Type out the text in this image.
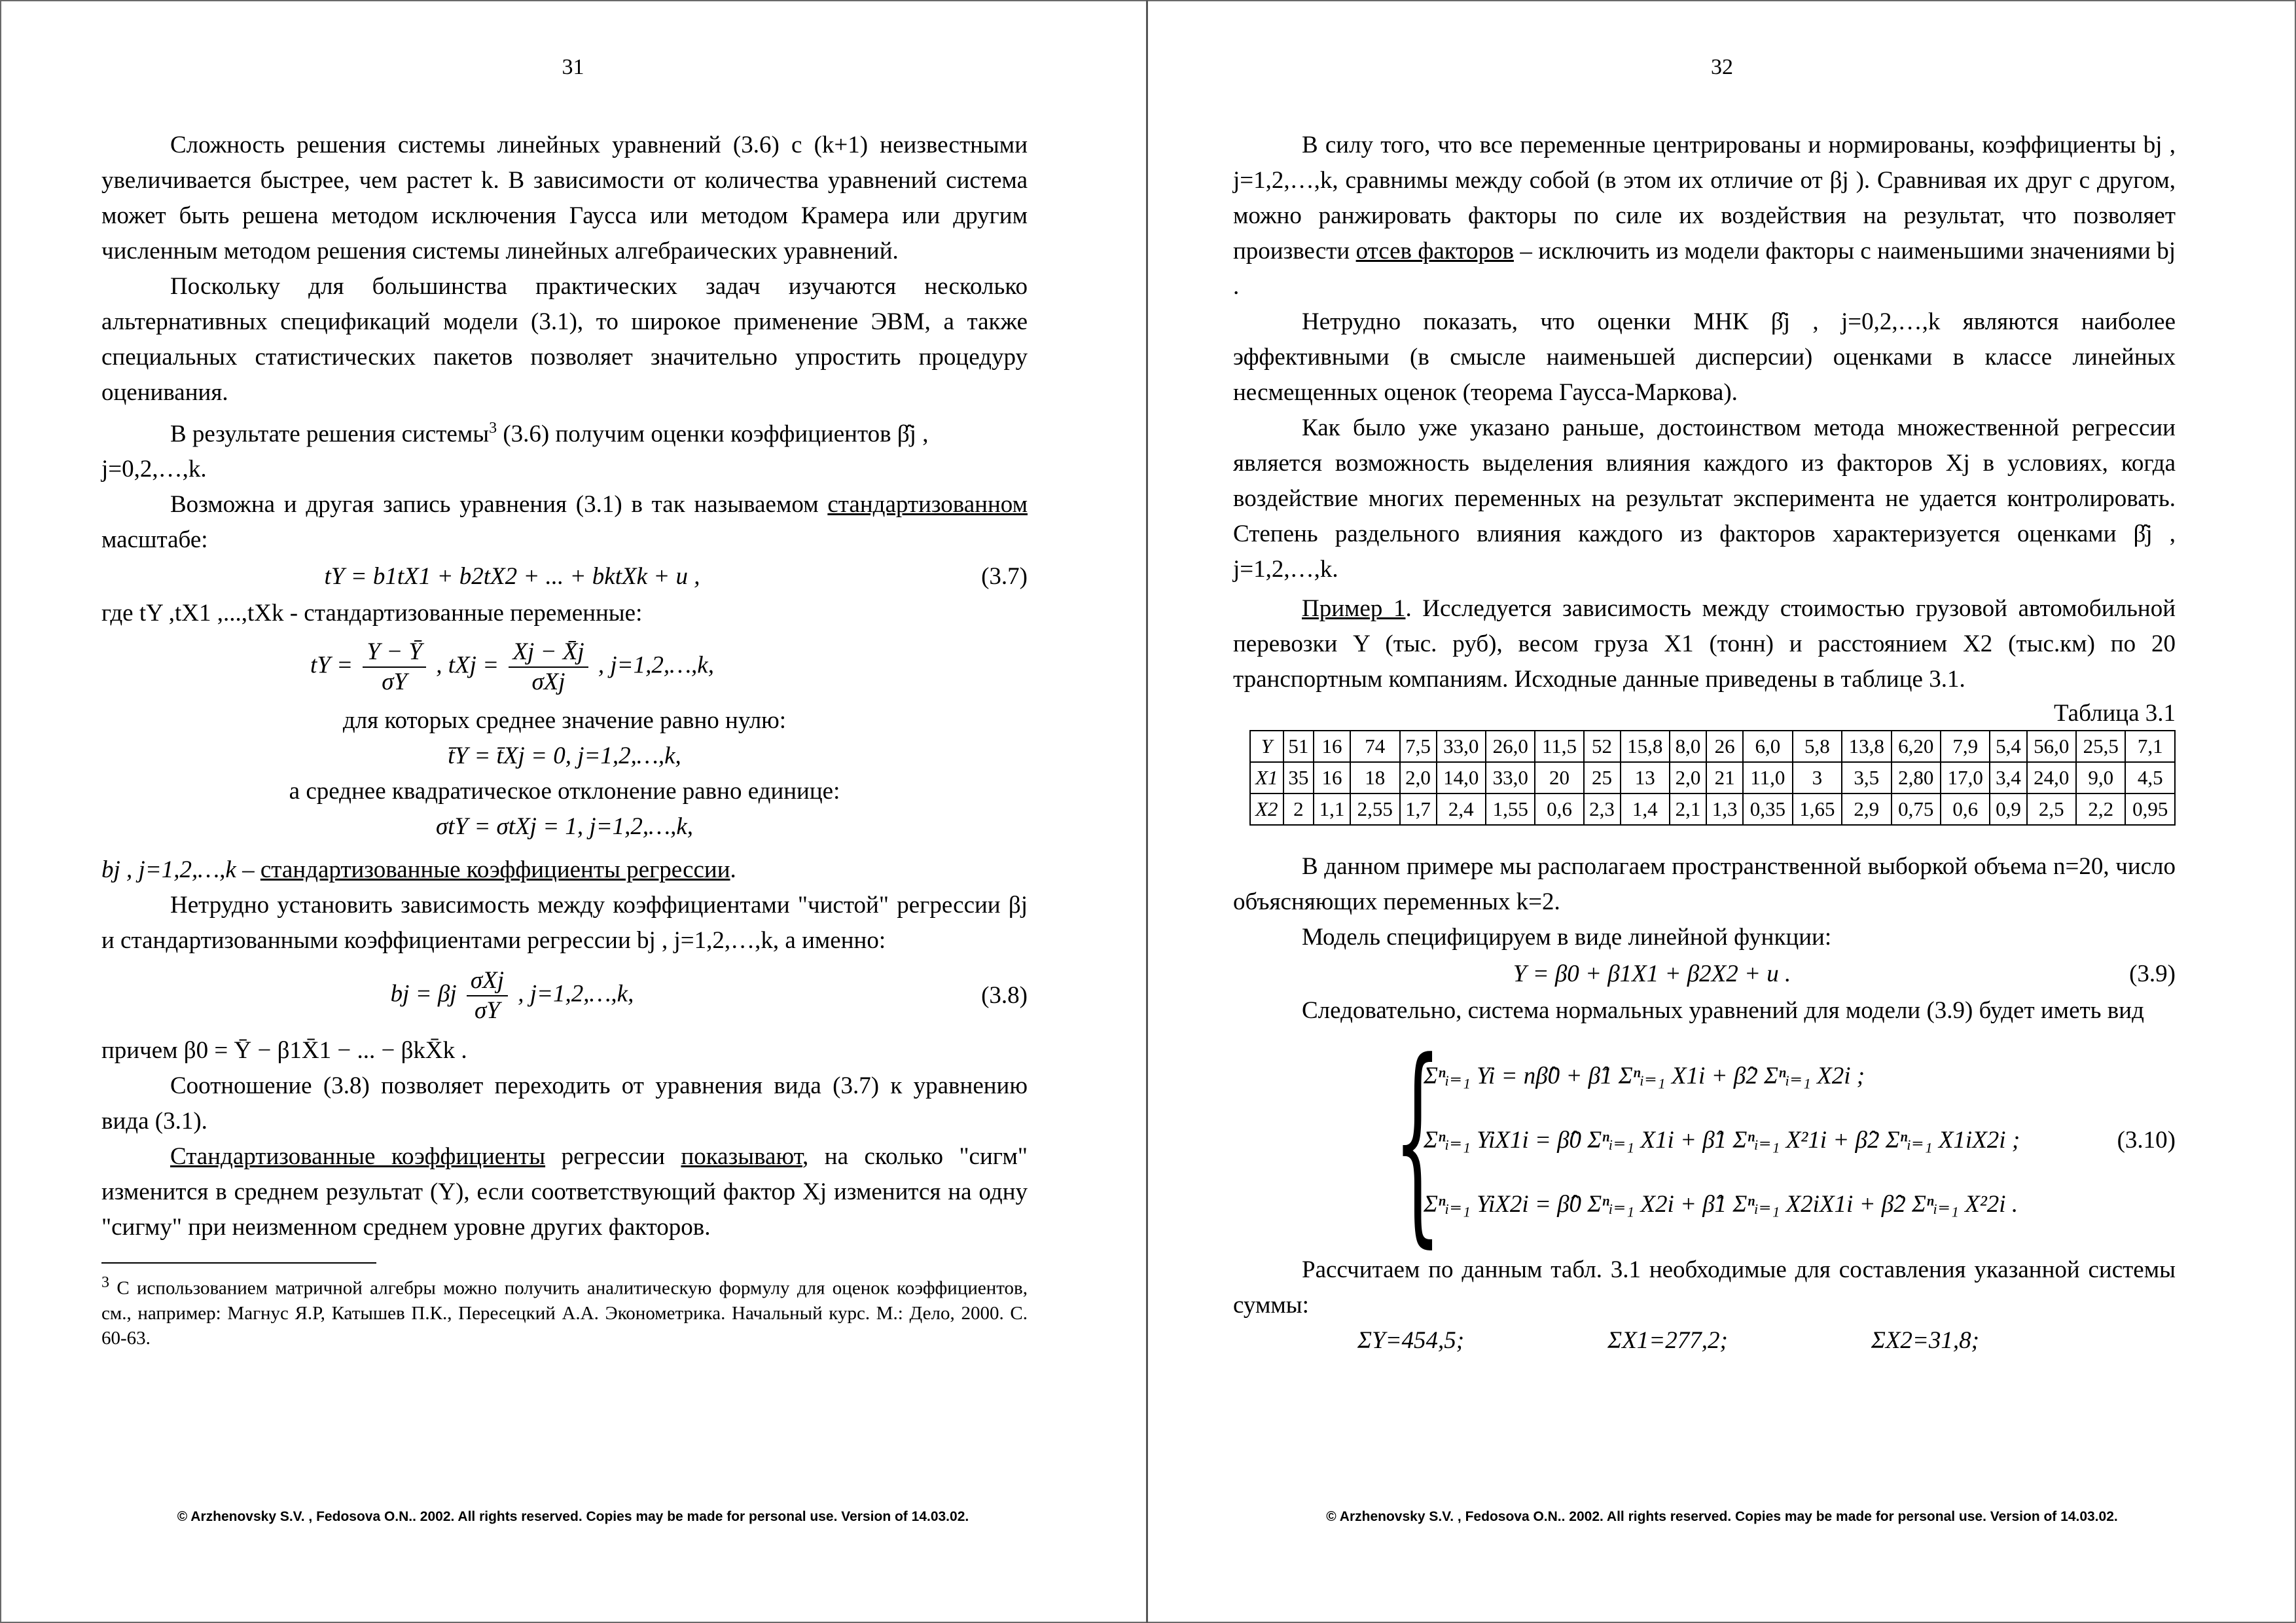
31

Сложность решения системы линейных уравнений (3.6) с (k+1) неизвестными увеличивается быстрее, чем растет k. В зависимости от количества уравнений система может быть решена методом исключения Гаусса или методом Крамера или другим численным методом решения системы линейных алгебраических уравнений.

Поскольку для большинства практических задач изучаются несколько альтернативных спецификаций модели (3.1), то широкое применение ЭВМ, а также специальных статистических пакетов позволяет значительно упростить процедуру оценивания.

В результате решения системы$^3$ (3.6) получим оценки коэффициентов β̂j ,

j=0,2,…,k.

Возможна и другая запись уравнения (3.1) в так называемом стандартизованном масштабе:

tY = b1tX1 + b2tX2 + ... + bktXk + u ,	(3.7)

где tY ,tX1 ,...,tXk - стандартизованные переменные:

tY = $\frac{Y - Ȳ}{\sigma Y}$ , tXj = $\frac{Xj - X̄j}{\text{σXj}}$ , j=1,2,…,k,

для которых среднее значение равно нулю:

t̄Y = t̄Xj = 0, j=1,2,…,k,

а среднее квадратическое отклонение равно единице:

σtY = σtXj = 1, j=1,2,…,k,

bj , j=1,2,…,k – стандартизованные коэффициенты регрессии.

Нетрудно установить зависимость между коэффициентами "чистой" регрессии βj и стандартизованными коэффициентами регрессии bj , j=1,2,…,k, а именно:

bj = βj $\frac{\text{σXj}}{\sigma Y}$ , j=1,2,…,k,	(3.8)

причем β0 = Ȳ − β1X̄1 − ... − βkX̄k .

Соотношение (3.8) позволяет переходить от уравнения вида (3.7) к уравнению вида (3.1).

Стандартизованные коэффициенты регрессии показывают, на сколько "сигм" изменится в среднем результат (Y), если соответствующий фактор Xj изменится на одну "сигму" при неизменном среднем уровне других факторов.

$^3$ С использованием матричной алгебры можно получить аналитическую формулу для оценок коэффициентов, см., например: Магнус Я.Р, Катышев П.К., Пересецкий А.А. Эконометрика. Начальный курс. М.: Дело, 2000. С. 60-63.

© Arzhenovsky S.V. , Fedosova O.N.. 2002. All rights reserved. Copies may be made for personal use. Version of 14.03.02.
32

В силу того, что все переменные центрированы и нормированы, коэффициенты bj , j=1,2,…,k, сравнимы между собой (в этом их отличие от βj ). Сравнивая их друг с другом, можно ранжировать факторы по силе их воздействия на результат, что позволяет произвести отсев факторов – исключить из модели факторы с наименьшими значениями bj .

Нетрудно показать, что оценки МНК β̂j , j=0,2,…,k являются наиболее эффективными (в смысле наименьшей дисперсии) оценками в классе линейных несмещенных оценок (теорема Гаусса-Маркова).

Как было уже указано раньше, достоинством метода множественной регрессии является возможность выделения влияния каждого из факторов Xj в условиях, когда воздействие многих переменных на результат эксперимента не удается контролировать. Степень раздельного влияния каждого из факторов характеризуется оценками β̂j , j=1,2,…,k.

Пример 1. Исследуется зависимость между стоимостью грузовой автомобильной перевозки Y (тыс. руб), весом груза X1 (тонн) и расстоянием X2 (тыс.км) по 20 транспортным компаниям. Исходные данные приведены в таблице 3.1.

Таблица 3.1
Y	51	16	74	7,5	33,0	26,0	11,5	52	15,8	8,0	26	6,0	5,8	13,8	6,20	7,9	5,4	56,0	25,5	7,1
X1	35	16	18	2,0	14,0	33,0	20	25	13	2,0	21	11,0	3	3,5	2,80	17,0	3,4	24,0	9,0	4,5
X2	2	1,1	2,55	1,7	2,4	1,55	0,6	2,3	1,4	2,1	1,3	0,35	1,65	2,9	0,75	0,6	0,9	2,5	2,2	0,95

В данном примере мы располагаем пространственной выборкой объема n=20, число объясняющих переменных k=2.

Модель специфицируем в виде линейной функции:

Y = β0 + β1X1 + β2X2 + u .	(3.9)

Следовательно, система нормальных уравнений для модели (3.9) будет иметь вид

{
Σⁿᵢ₌₁ Yi = nβ̂0 + β̂1 Σⁿᵢ₌₁ X1i + β̂2 Σⁿᵢ₌₁ X2i ;
Σⁿᵢ₌₁ YiX1i = β̂0 Σⁿᵢ₌₁ X1i + β̂1 Σⁿᵢ₌₁ X²1i + β̂2 Σⁿᵢ₌₁ X1iX2i ;
Σⁿᵢ₌₁ YiX2i = β̂0 Σⁿᵢ₌₁ X2i + β̂1 Σⁿᵢ₌₁ X2iX1i + β̂2 Σⁿᵢ₌₁ X²2i .
(3.10)

Рассчитаем по данным табл. 3.1 необходимые для составления указанной системы суммы:

ΣY=454,5;	ΣX1=277,2;	ΣX2=31,8;
© Arzhenovsky S.V. , Fedosova O.N.. 2002. All rights reserved. Copies may be made for personal use. Version of 14.03.02.
